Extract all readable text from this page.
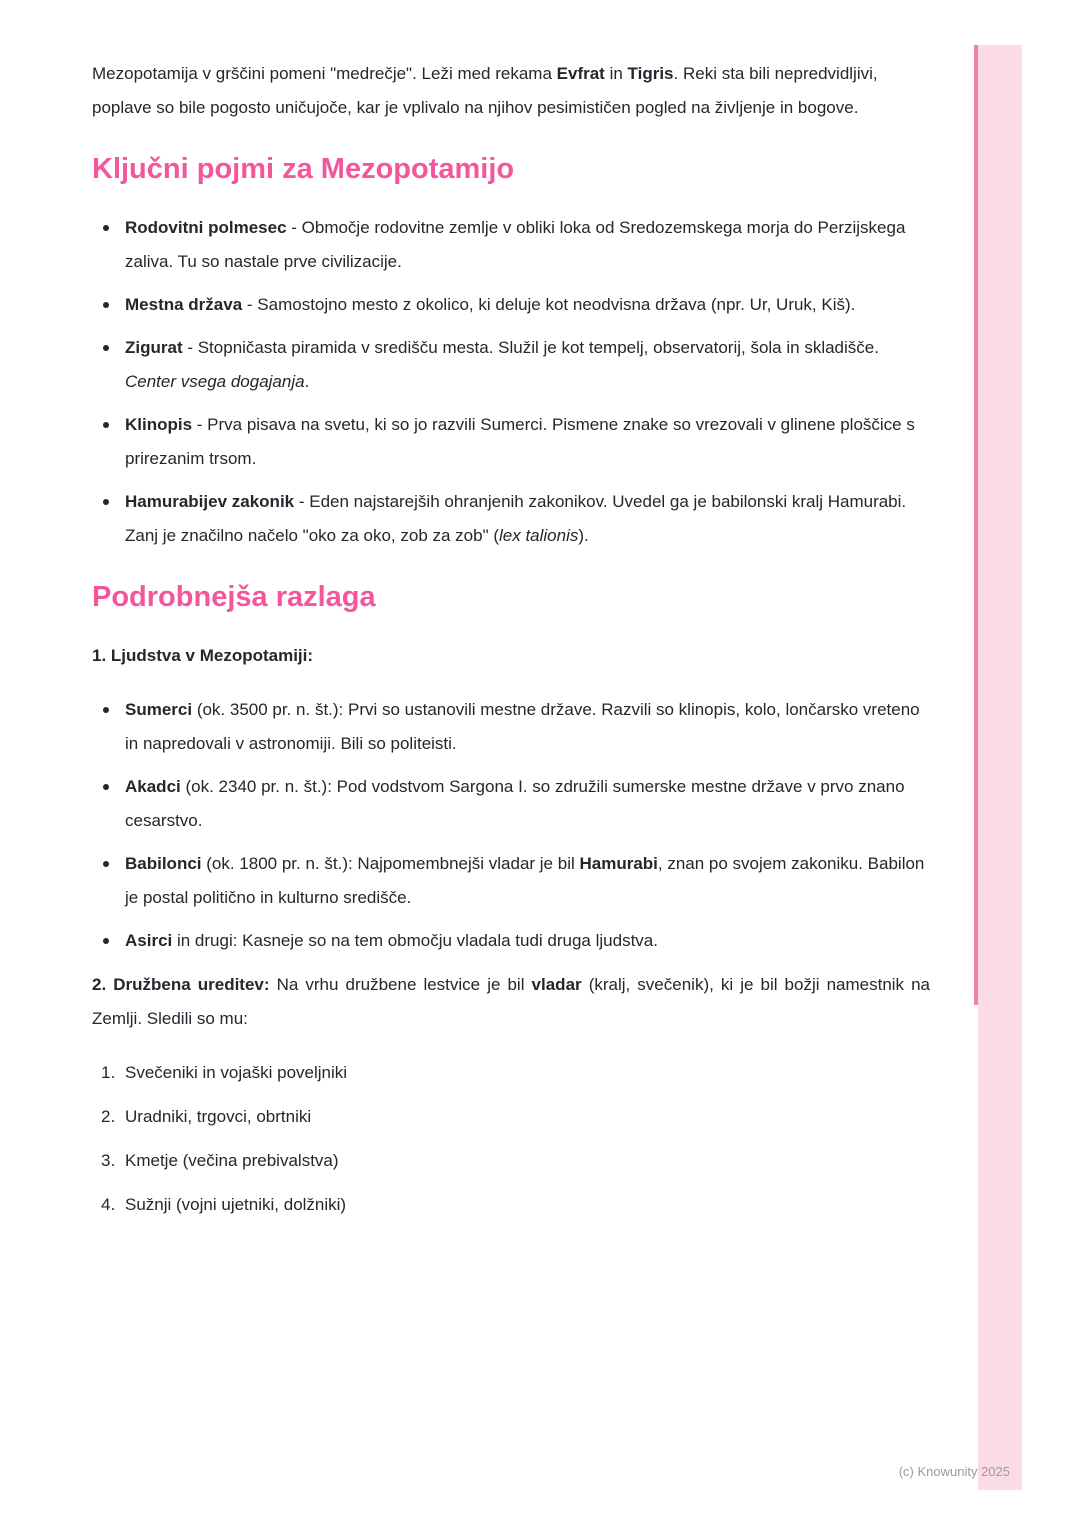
Mezopotamija v grščini pomeni "medrečje". Leži med rekama Evfrat in Tigris. Reki sta bili nepredvidljivi, poplave so bile pogosto uničujoče, kar je vplivalo na njihov pesimističen pogled na življenje in bogove.

Ključni pojmi za Mezopotamijo
Rodovitni polmesec - Območje rodovitne zemlje v obliki loka od Sredozemskega morja do Perzijskega zaliva. Tu so nastale prve civilizacije.
Mestna država - Samostojno mesto z okolico, ki deluje kot neodvisna država (npr. Ur, Uruk, Kiš).
Zigurat - Stopničasta piramida v središču mesta. Služil je kot tempelj, observatorij, šola in skladišče. Center vsega dogajanja.
Klinopis - Prva pisava na svetu, ki so jo razvili Sumerci. Pismene znake so vrezovali v glinene ploščice s prirezanim trsom.
Hamurabijev zakonik - Eden najstarejših ohranjenih zakonikov. Uvedel ga je babilonski kralj Hamurabi. Zanj je značilno načelo "oko za oko, zob za zob" (lex talionis).
Podrobnejša razlaga

1. Ljudstva v Mezopotamiji:

Sumerci (ok. 3500 pr. n. št.): Prvi so ustanovili mestne države. Razvili so klinopis, kolo, lončarsko vreteno in napredovali v astronomiji. Bili so politeisti.
Akadci (ok. 2340 pr. n. št.): Pod vodstvom Sargona I. so združili sumerske mestne države v prvo znano cesarstvo.
Babilonci (ok. 1800 pr. n. št.): Najpomembnejši vladar je bil Hamurabi, znan po svojem zakoniku. Babilon je postal politično in kulturno središče.
Asirci in drugi: Kasneje so na tem območju vladala tudi druga ljudstva.

2. Družbena ureditev: Na vrhu družbene lestvice je bil vladar (kralj, svečenik), ki je bil božji namestnik na Zemlji. Sledili so mu:

1. Svečeniki in vojaški poveljniki
2. Uradniki, trgovci, obrtniki
3. Kmetje (večina prebivalstva)
4. Sužnji (vojni ujetniki, dolžniki)
(c) Knowunity 2025
